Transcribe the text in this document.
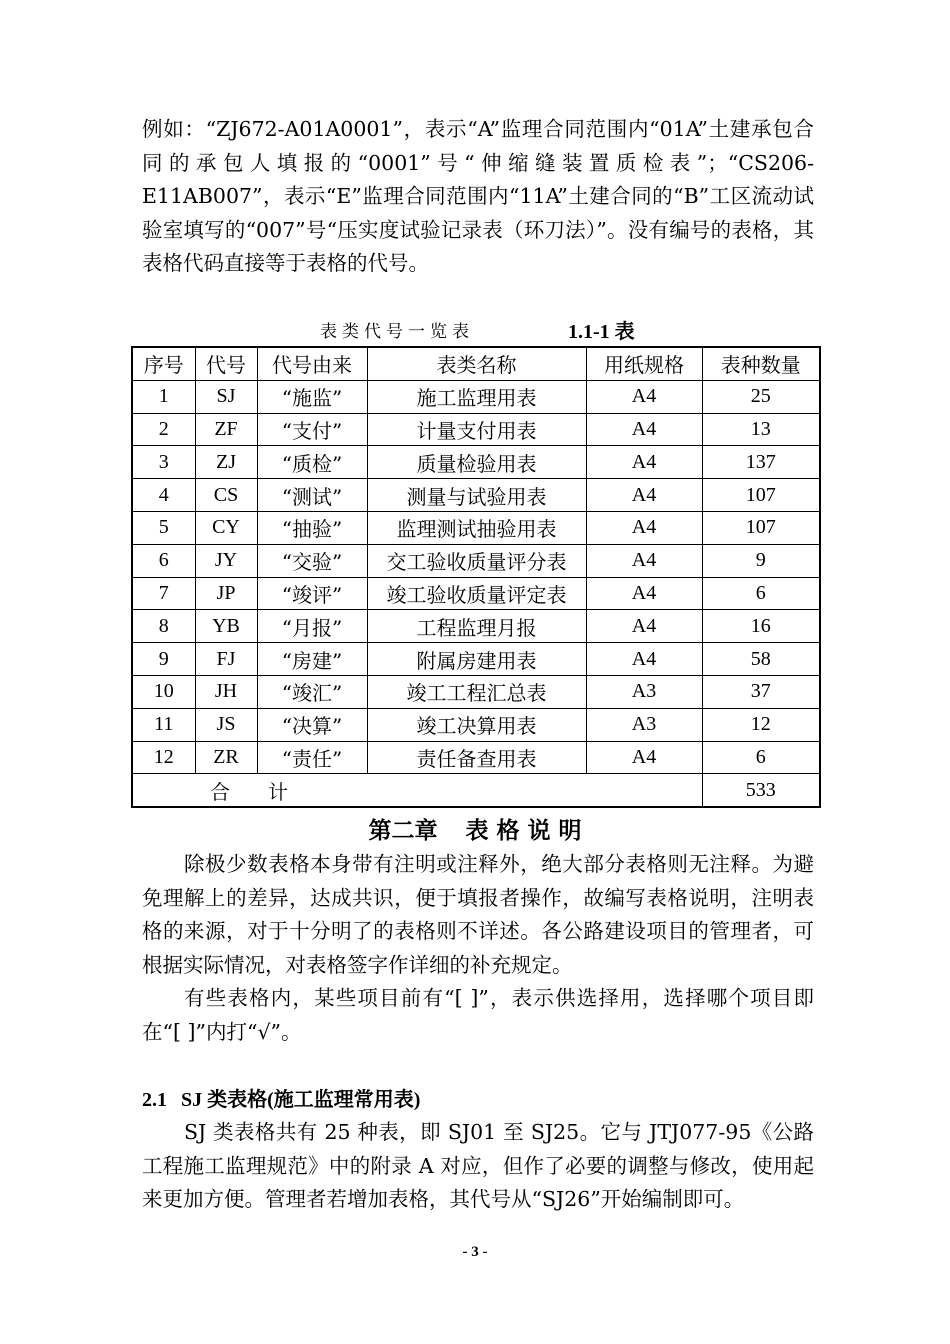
例如：“ZJ672-A01A0001”，表示“A”监理合同范围内“01A”土建承包合同的承包人填报的“0001”号“伸缩缝装置质检表”；“CS206-E11AB007”，表示“E”监理合同范围内“11A”土建合同的“B”工区流动试验室填写的“007”号“压实度试验记录表（环刀法）”。没有编号的表格，其表格代码直接等于表格的代号。

表类代号一览表	1.1-1 表
序号	代号	代号由来	表类名称	用纸规格	表种数量
1	SJ	“施监”	施工监理用表	A4	25
2	ZF	“支付”	计量支付用表	A4	13
3	ZJ	“质检”	质量检验用表	A4	137
4	CS	“测试”	测量与试验用表	A4	107
5	CY	“抽验”	监理测试抽验用表	A4	107
6	JY	“交验”	交工验收质量评分表	A4	9
7	JP	“竣评”	竣工验收质量评定表	A4	6
8	YB	“月报”	工程监理月报	A4	16
9	FJ	“房建”	附属房建用表	A4	58
10	JH	“竣汇”	竣工工程汇总表	A3	37
11	JS	“决算”	竣工决算用表	A3	12
12	ZR	“责任”	责任备查用表	A4	6
合 计					533
第二章 表 格 说 明

除极少数表格本身带有注明或注释外，绝大部分表格则无注释。为避免理解上的差异，达成共识，便于填报者操作，故编写表格说明，注明表格的来源，对于十分明了的表格则不详述。各公路建设项目的管理者，可根据实际情况，对表格签字作详细的补充规定。

有些表格内，某些项目前有“[ ]”，表示供选择用，选择哪个项目即在“[ ]”内打“√”。

2.1 SJ 类表格(施工监理常用表)

SJ 类表格共有 25 种表，即 SJ01 至 SJ25。它与 JTJ077-95《公路工程施工监理规范》中的附录 A 对应，但作了必要的调整与修改，使用起来更加方便。管理者若增加表格，其代号从“SJ26”开始编制即可。

- 3 -
